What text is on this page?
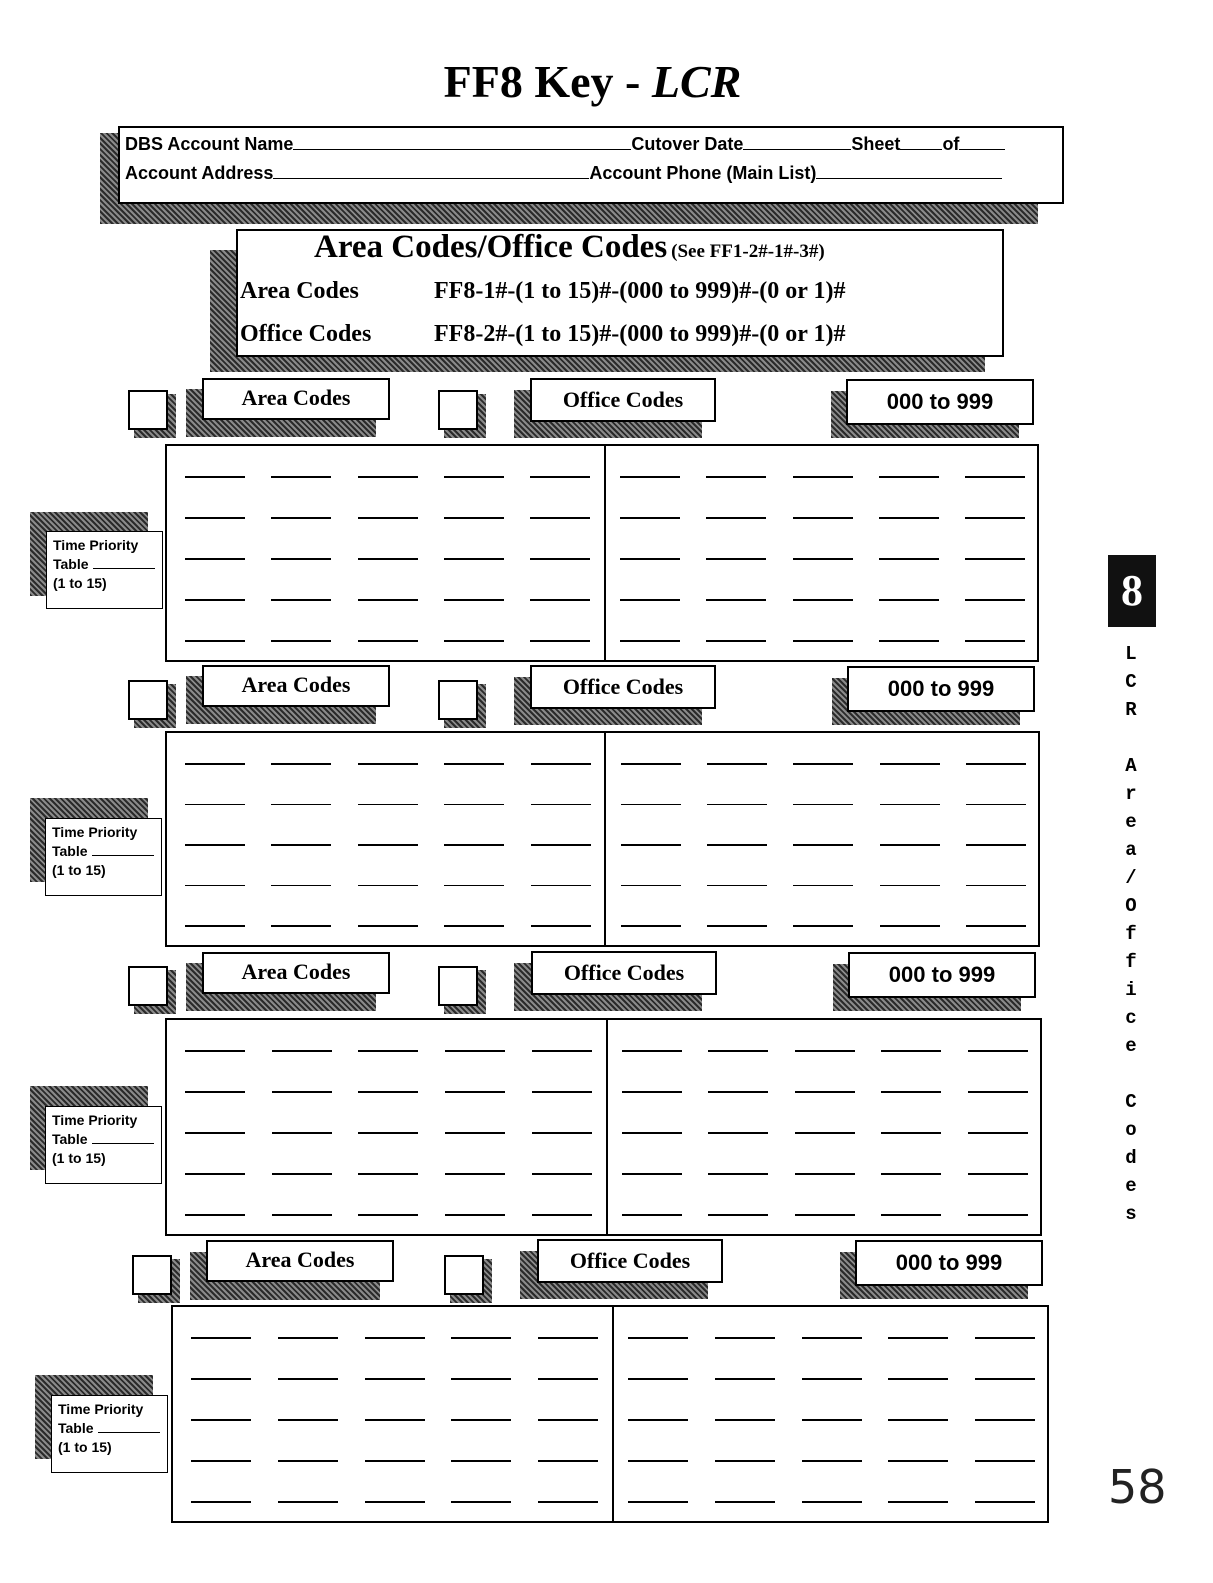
FF8 Key - LCR
DBS Account Name	Cutover Date	Sheet of
Account Address	Account Phone (Main List)
Area Codes/Office Codes (See FF1-2#-1#-3#)
Area Codes	FF8-1#-(1 to 15)#-(000 to 999)#-(0 or 1)#
Office Codes	FF8-2#-(1 to 15)#-(000 to 999)#-(0 or 1)#
Area Codes	Office Codes	000 to 999
Time Priority
Table
(1 to 15)
Area Codes	Office Codes	000 to 999
Time Priority
Table
(1 to 15)
Area Codes	Office Codes	000 to 999
Time Priority
Table
(1 to 15)
Area Codes	Office Codes	000 to 999
Time Priority
Table
(1 to 15)
8
L
C
R
A
r
e
a
/
O
f
f
i
c
e
C
o
d
e
s
58
